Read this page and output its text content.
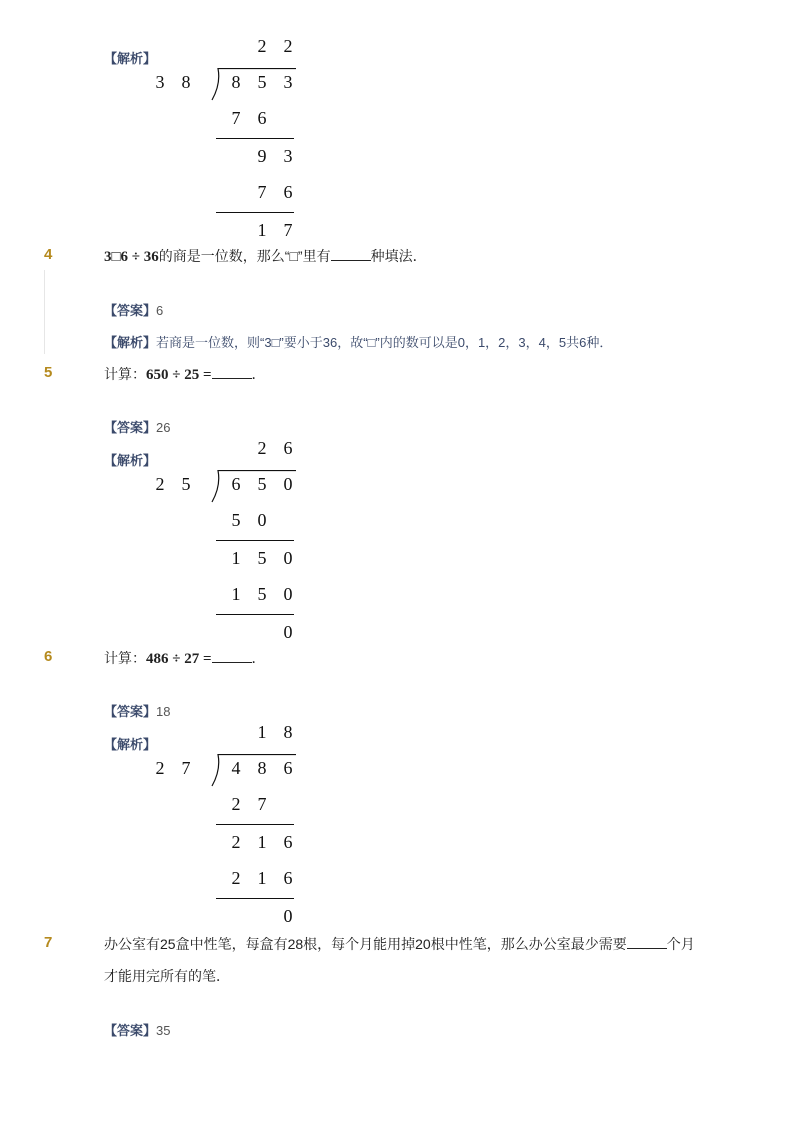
【解析】
2 2
3 8 8 5 3
7 6
9 3
7 6
1 7
4	3□6 ÷ 36的商是一位数，那么“□”里有	种填法．
【答案】6
【解析】若商是一位数，则“3□”要小于36，故“□”内的数可以是0，1，2，3，4，5共6种．
5	计算：650 ÷ 25 =	．
【答案】26
【解析】
2 6
2 5 6 5 0
5 0
1 5 0
1 5 0
0
6	计算：486 ÷ 27 =	．
【答案】18
【解析】
1 8
2 7 4 8 6
2 7
2 1 6
2 1 6
0
7	办公室有25盒中性笔，每盒有28根，每个月能用掉20根中性笔，那么办公室最少需要	个月
才能用完所有的笔．
【答案】35
